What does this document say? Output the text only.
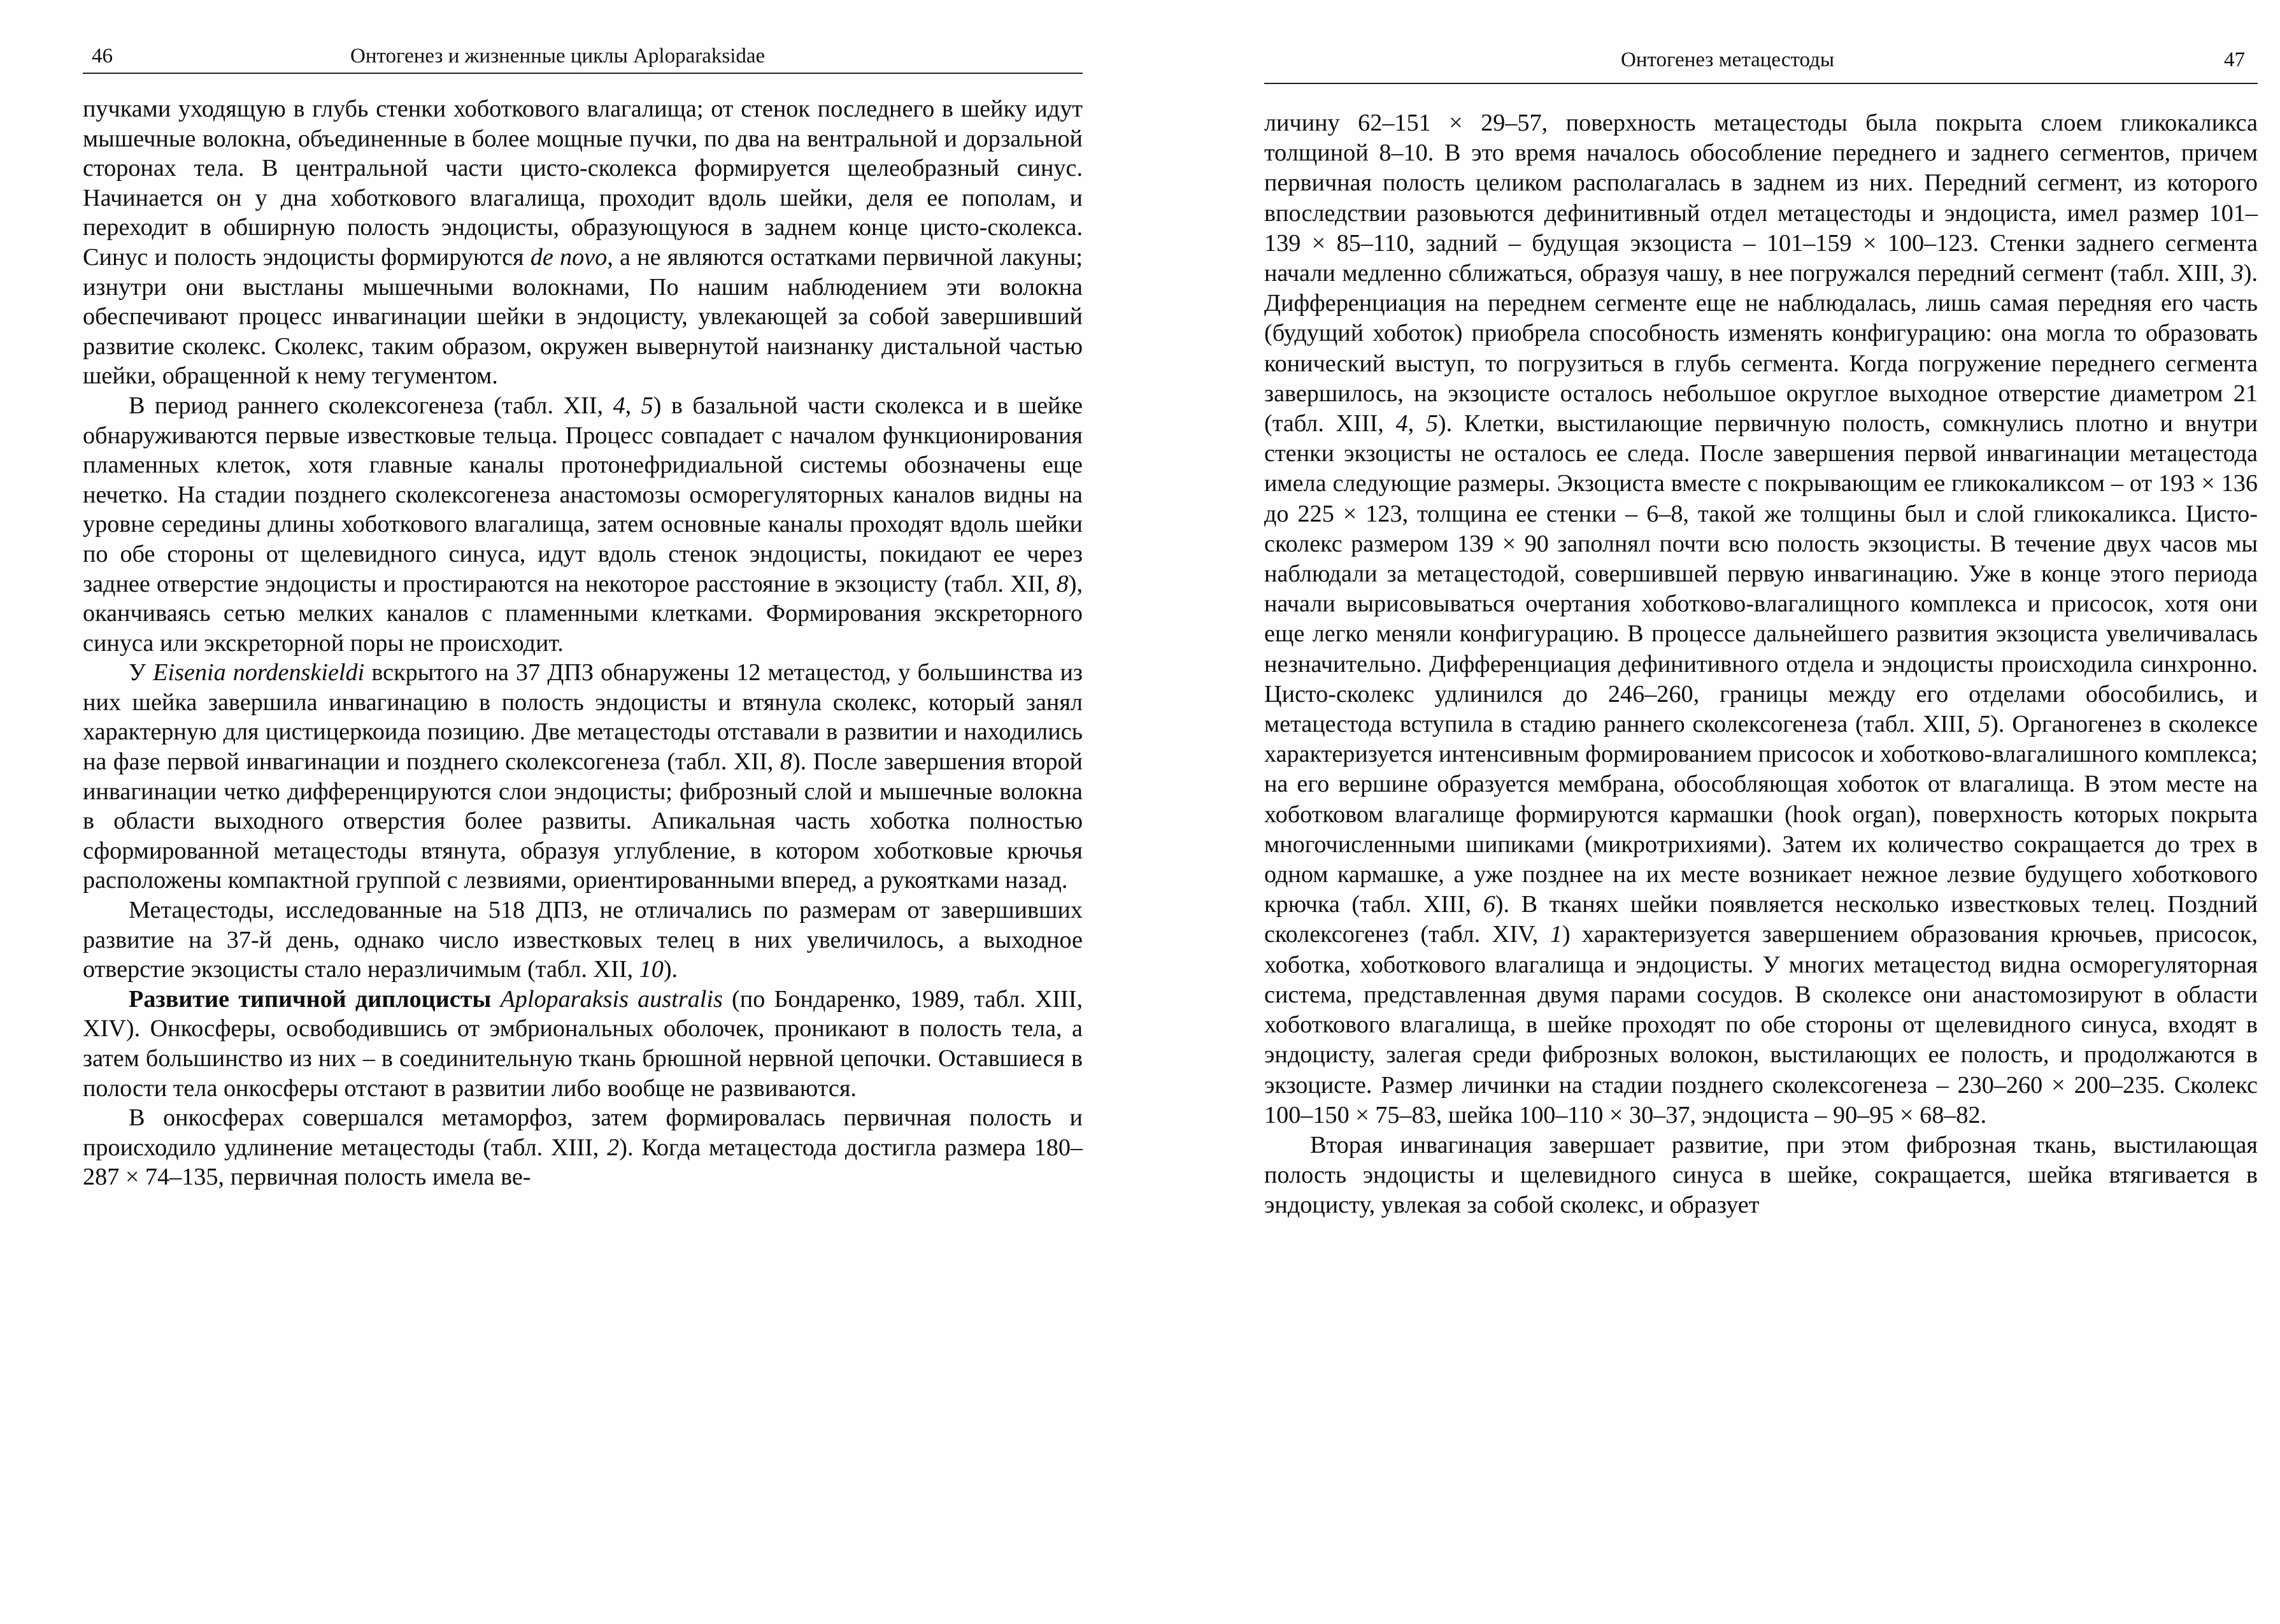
46	Онтогенез и жизненные циклы Aploparaksidae

пучками уходящую в глубь стенки хоботкового влагалища; от стенок последнего в шейку идут мышечные волокна, объединенные в более мощные пучки, по два на вентральной и дорзальной сторонах тела. В центральной части цисто-сколекса формируется щелеобразный синус. Начинается он у дна хоботкового влагалища, проходит вдоль шейки, деля ее пополам, и переходит в обширную полость эндоцисты, образующуюся в заднем конце цисто-сколекса. Синус и полость эндоцисты формируются de novo, а не являются остатками первичной лакуны; изнутри они выстланы мышечными волокнами, По нашим наблюдением эти волокна обеспечивают процесс инвагинации шейки в эндоцисту, увлекающей за собой завершивший развитие сколекс. Сколекс, таким образом, окружен вывернутой наизнанку дистальной частью шейки, обращенной к нему тегументом.

В период раннего сколексогенеза (табл. XII, 4, 5) в базальной части сколекса и в шейке обнаруживаются первые известковые тельца. Процесс совпадает с началом функционирования пламенных клеток, хотя главные каналы протонефридиальной системы обозначены еще нечетко. На стадии позднего сколексогенеза анастомозы осморегуляторных каналов видны на уровне середины длины хоботкового влагалища, затем основные каналы проходят вдоль шейки по обе стороны от щелевидного синуса, идут вдоль стенок эндоцисты, покидают ее через заднее отверстие эндоцисты и простираются на некоторое расстояние в экзоцисту (табл. XII, 8), оканчиваясь сетью мелких каналов с пламенными клетками. Формирования экскреторного синуса или экскреторной поры не происходит.

У Eisenia nordenskieldi вскрытого на 37 ДПЗ обнаружены 12 метацестод, у большинства из них шейка завершила инвагинацию в полость эндоцисты и втянула сколекс, который занял характерную для цистицеркоида позицию. Две метацестоды отставали в развитии и находились на фазе первой инвагинации и позднего сколексогенеза (табл. XII, 8). После завершения второй инвагинации четко дифференцируются слои эндоцисты; фиброзный слой и мышечные волокна в области выходного отверстия более развиты. Апикальная часть хоботка полностью сформированной метацестоды втянута, образуя углубление, в котором хоботковые крючья расположены компактной группой с лезвиями, ориентированными вперед, а рукоятками назад.

Метацестоды, исследованные на 518 ДПЗ, не отличались по размерам от завершивших развитие на 37-й день, однако число известковых телец в них увеличилось, а выходное отверстие экзоцисты стало неразличимым (табл. XII, 10).

Развитие типичной диплоцисты Aploparaksis australis (по Бондаренко, 1989, табл. XIII, XIV). Онкосферы, освободившись от эмбриональных оболочек, проникают в полость тела, а затем большинство из них – в соединительную ткань брюшной нервной цепочки. Оставшиеся в полости тела онкосферы отстают в развитии либо вообще не развиваются.

В онкосферах совершался метаморфоз, затем формировалась первичная полость и происходило удлинение метацестоды (табл. XIII, 2). Когда метацестода достигла размера 180–287 × 74–135, первичная полость имела ве-

Онтогенез метацестоды	47

личину 62–151 × 29–57, поверхность метацестоды была покрыта слоем гликокаликса толщиной 8–10. В это время началось обособление переднего и заднего сегментов, причем первичная полость целиком располагалась в заднем из них. Передний сегмент, из которого впоследствии разовьются дефинитивный отдел метацестоды и эндоциста, имел размер 101–139 × 85–110, задний – будущая экзоциста – 101–159 × 100–123. Стенки заднего сегмента начали медленно сближаться, образуя чашу, в нее погружался передний сегмент (табл. XIII, 3). Дифференциация на переднем сегменте еще не наблюдалась, лишь самая передняя его часть (будущий хоботок) приобрела способность изменять конфигурацию: она могла то образовать конический выступ, то погрузиться в глубь сегмента. Когда погружение переднего сегмента завершилось, на экзоцисте осталось небольшое округлое выходное отверстие диаметром 21 (табл. XIII, 4, 5). Клетки, выстилающие первичную полость, сомкнулись плотно и внутри стенки экзоцисты не осталось ее следа. После завершения первой инвагинации метацестода имела следующие размеры. Экзоциста вместе с покрывающим ее гликокаликсом – от 193 × 136 до 225 × 123, толщина ее стенки – 6–8, такой же толщины был и слой гликокаликса. Цисто-сколекс размером 139 × 90 заполнял почти всю полость экзоцисты. В течение двух часов мы наблюдали за метацестодой, совершившей первую инвагинацию. Уже в конце этого периода начали вырисовываться очертания хоботково-влагалищного комплекса и присосок, хотя они еще легко меняли конфигурацию. В процессе дальнейшего развития экзоциста увеличивалась незначительно. Дифференциация дефинитивного отдела и эндоцисты происходила синхронно. Цисто-сколекс удлинился до 246–260, границы между его отделами обособились, и метацестода вступила в стадию раннего сколексогенеза (табл. XIII, 5). Органогенез в сколексе характеризуется интенсивным формированием присосок и хоботково-влагалишного комплекса; на его вершине образуется мембрана, обособляющая хоботок от влагалища. В этом месте на хоботковом влагалище формируются кармашки (hook organ), поверхность которых покрыта многочисленными шипиками (микротрихиями). Затем их количество сокращается до трех в одном кармашке, а уже позднее на их месте возникает нежное лезвие будущего хоботкового крючка (табл. XIII, 6). В тканях шейки появляется несколько известковых телец. Поздний сколексогенез (табл. XIV, 1) характеризуется завершением образования крючьев, присосок, хоботка, хоботкового влагалища и эндоцисты. У многих метацестод видна осморегуляторная система, представленная двумя парами сосудов. В сколексе они анастомозируют в области хоботкового влагалища, в шейке проходят по обе стороны от щелевидного синуса, входят в эндоцисту, залегая среди фиброзных волокон, выстилающих ее полость, и продолжаются в экзоцисте. Размер личинки на стадии позднего сколексогенеза – 230–260 × 200–235. Сколекс 100–150 × 75–83, шейка 100–110 × 30–37, эндоциста – 90–95 × 68–82.

Вторая инвагинация завершает развитие, при этом фиброзная ткань, выстилающая полость эндоцисты и щелевидного синуса в шейке, сокращается, шейка втягивается в эндоцисту, увлекая за собой сколекс, и образует
